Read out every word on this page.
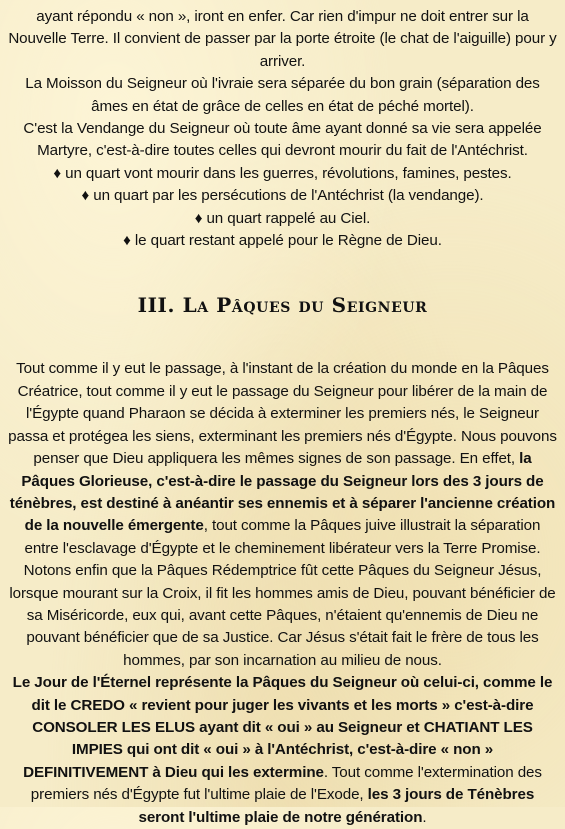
ayant répondu « non », iront en enfer. Car rien d'impur ne doit entrer sur la

Nouvelle Terre. Il convient de passer par la porte étroite (le chat de l'aiguille) pour y

arriver.

La Moisson du Seigneur où l'ivraie sera séparée du bon grain (séparation des

âmes en état de grâce de celles en état de péché mortel).

C'est la Vendange du Seigneur où toute âme ayant donné sa vie sera appelée

Martyre, c'est-à-dire toutes celles qui devront mourir du fait de l'Antéchrist.

♦ un quart vont mourir dans les guerres, révolutions, famines, pestes.

♦ un quart par les persécutions de l'Antéchrist (la vendange).

♦ un quart rappelé au Ciel.

♦ le quart restant appelé pour le Règne de Dieu.

III. La Pâques du Seigneur

Tout comme il y eut le passage, à l'instant de la création du monde en la Pâques

Créatrice, tout comme il y eut le passage du Seigneur pour libérer de la main de

l'Égypte quand Pharaon se décida à exterminer les premiers nés, le Seigneur

passa et protégea les siens, exterminant les premiers nés d'Égypte. Nous pouvons

penser que Dieu appliquera les mêmes signes de son passage. En effet, la

Pâques Glorieuse, c'est-à-dire le passage du Seigneur lors des 3 jours de

ténèbres, est destiné à anéantir ses ennemis et à séparer l'ancienne création

de la nouvelle émergente, tout comme la Pâques juive illustrait la séparation

entre l'esclavage d'Égypte et le cheminement libérateur vers la Terre Promise.

Notons enfin que la Pâques Rédemptrice fût cette Pâques du Seigneur Jésus,

lorsque mourant sur la Croix, il fit les hommes amis de Dieu, pouvant bénéficier de

sa Miséricorde, eux qui, avant cette Pâques, n'étaient qu'ennemis de Dieu ne

pouvant bénéficier que de sa Justice. Car Jésus s'était fait le frère de tous les

hommes, par son incarnation au milieu de nous.

Le Jour de l'Éternel représente la Pâques du Seigneur où celui-ci, comme le

dit le CREDO « revient pour juger les vivants et les morts » c'est-à-dire

CONSOLER LES ELUS ayant dit « oui » au Seigneur et CHATIANT LES

IMPIES qui ont dit « oui » à l'Antéchrist, c'est-à-dire « non »

DEFINITIVEMENT à Dieu qui les extermine. Tout comme l'extermination des

premiers nés d'Égypte fut l'ultime plaie de l'Exode, les 3 jours de Ténèbres

seront l'ultime plaie de notre génération.
